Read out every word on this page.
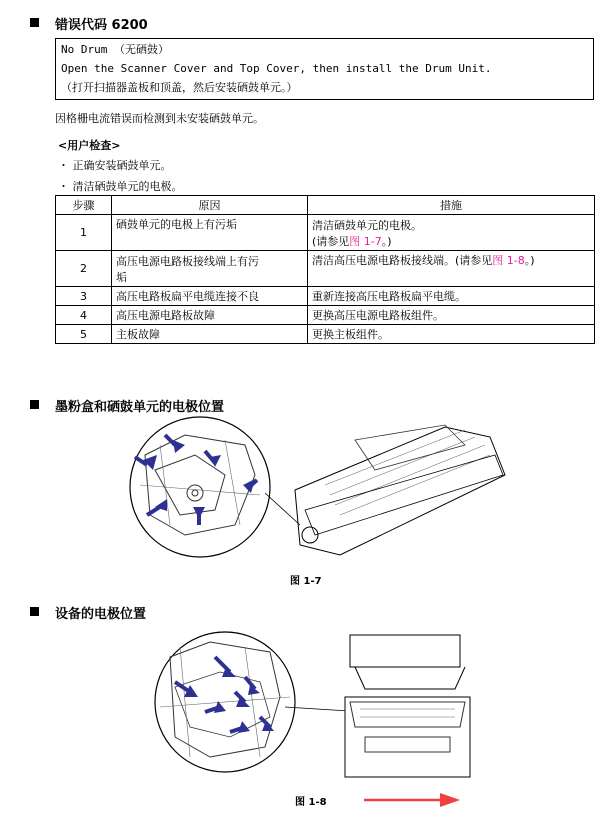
错误代码 6200
No Drum （无硒鼓）
Open the Scanner Cover and Top Cover, then install the Drum Unit.
（打开扫描器盖板和顶盖，然后安装硒鼓单元。）
因格栅电流错误而检测到未安装硒鼓单元。
<用户检查>
・ 正确安装硒鼓单元。
・ 清洁硒鼓单元的电极。
步骤	原因	措施
1	硒鼓单元的电极上有污垢	清洁硒鼓单元的电极。
(请参见图 1-7。)

2	高压电源电路板接线端上有污
垢	清洁高压电源电路板接线端。(请参见图 1-8。)
3	高压电路板扁平电缆连接不良	重新连接高压电路板扁平电缆。
4	高压电源电路板故障	更换高压电源电路板组件。
5	主板故障	更换主板组件。
墨粉盒和硒鼓单元的电极位置
图 1-7
设备的电极位置
图 1-8
